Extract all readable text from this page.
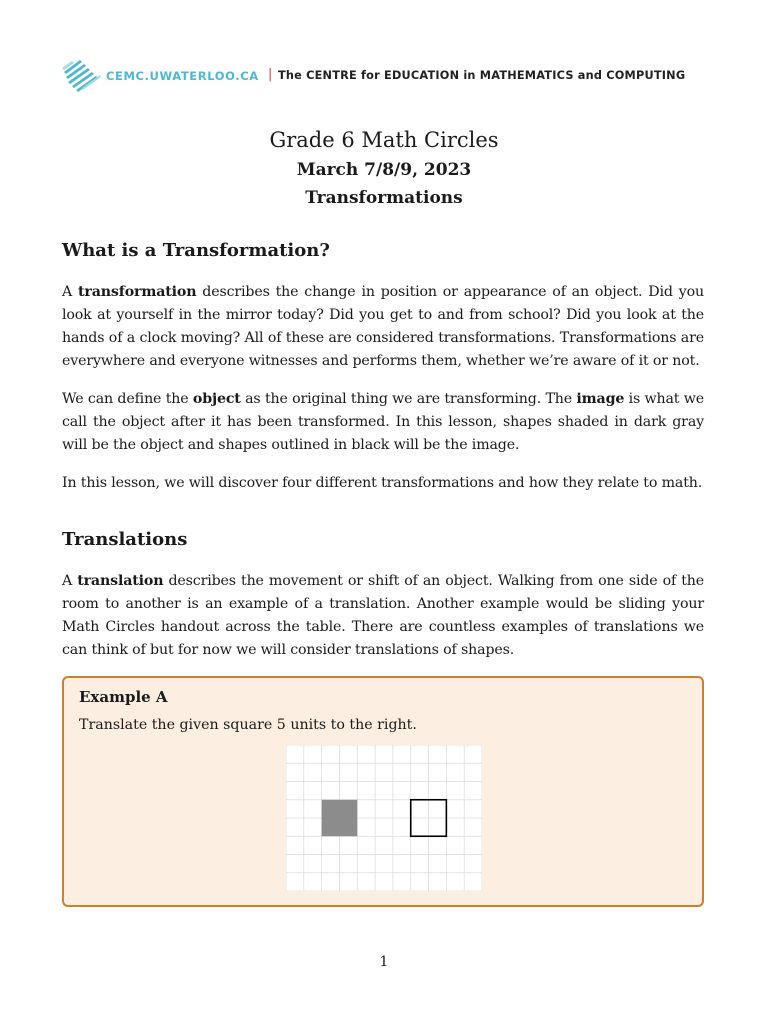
CEMC.UWATERLOO.CA | The CENTRE for EDUCATION in MATHEMATICS and COMPUTING
Grade 6 Math Circles
March 7/8/9, 2023
Transformations
What is a Transformation?

A transformation describes the change in position or appearance of an object. Did you look at yourself in the mirror today? Did you get to and from school? Did you look at the hands of a clock moving? All of these are considered transformations. Transformations are everywhere and everyone witnesses and performs them, whether we’re aware of it or not.

We can define the object as the original thing we are transforming. The image is what we call the object after it has been transformed. In this lesson, shapes shaded in dark gray will be the object and shapes outlined in black will be the image.

In this lesson, we will discover four different transformations and how they relate to math.

Translations

A translation describes the movement or shift of an object. Walking from one side of the room to another is an example of a translation. Another example would be sliding your Math Circles handout across the table. There are countless examples of translations we can think of but for now we will consider translations of shapes.

Example A
Translate the given square 5 units to the right.
1
